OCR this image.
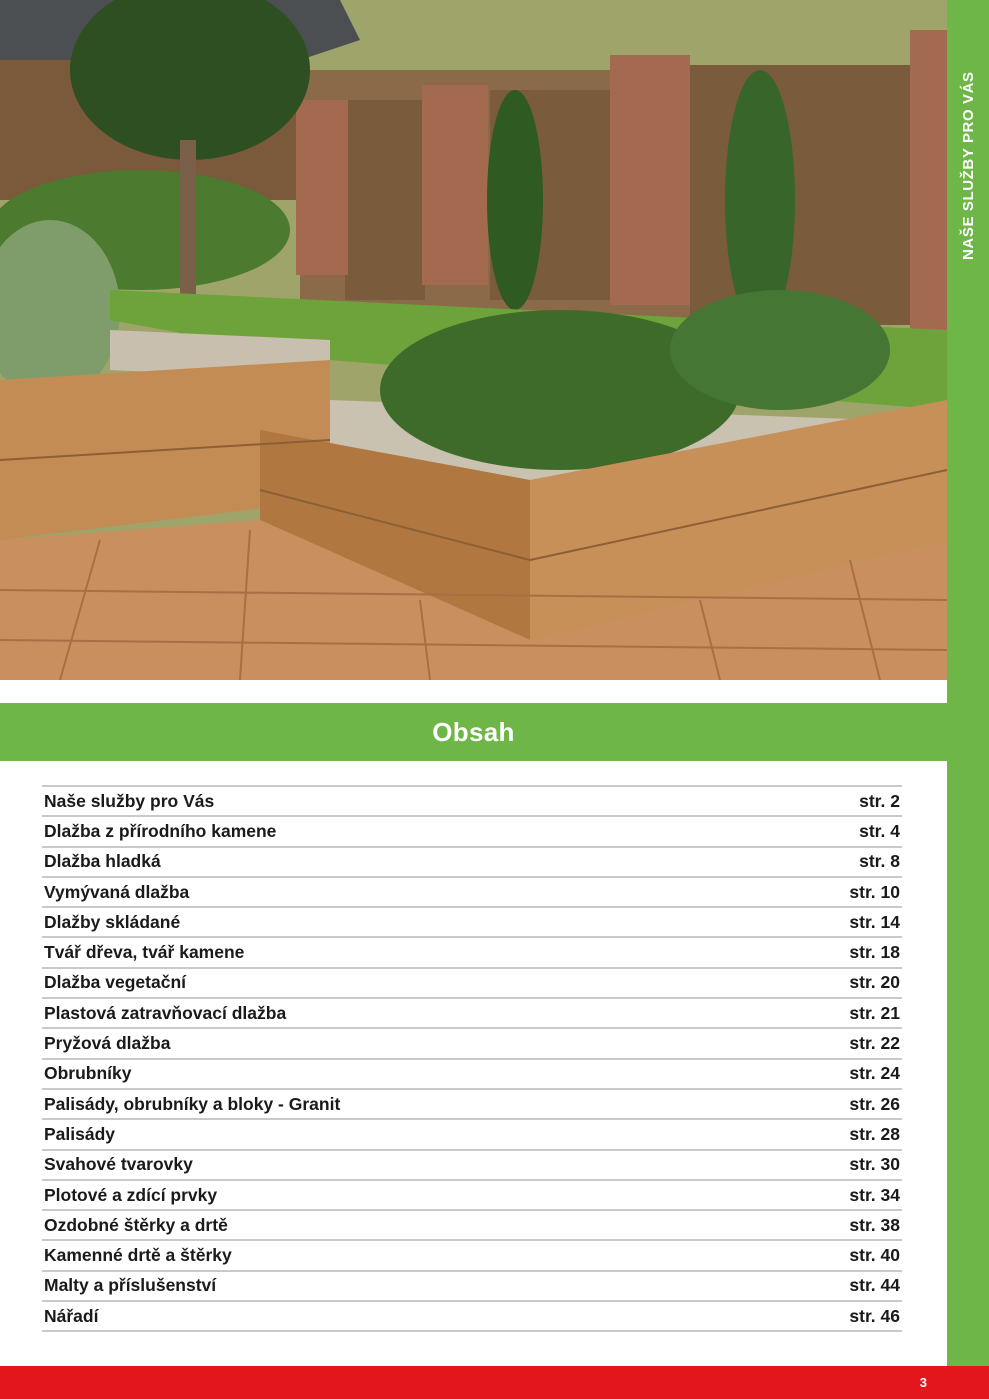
NAŠE SLUŽBY PRO VÁS
Obsah
Naše služby pro Vás	str. 2
Dlažba z přírodního kamene	str. 4
Dlažba hladká	str. 8
Vymývaná dlažba	str. 10
Dlažby skládané	str. 14
Tvář dřeva, tvář kamene	str. 18
Dlažba vegetační	str. 20
Plastová zatravňovací dlažba	str. 21
Pryžová dlažba	str. 22
Obrubníky	str. 24
Palisády, obrubníky a bloky - Granit	str. 26
Palisády	str. 28
Svahové tvarovky	str. 30
Plotové a zdící prvky	str. 34
Ozdobné štěrky a drtě	str. 38
Kamenné drtě a štěrky	str. 40
Malty a příslušenství	str. 44
Nářadí	str. 46
3
